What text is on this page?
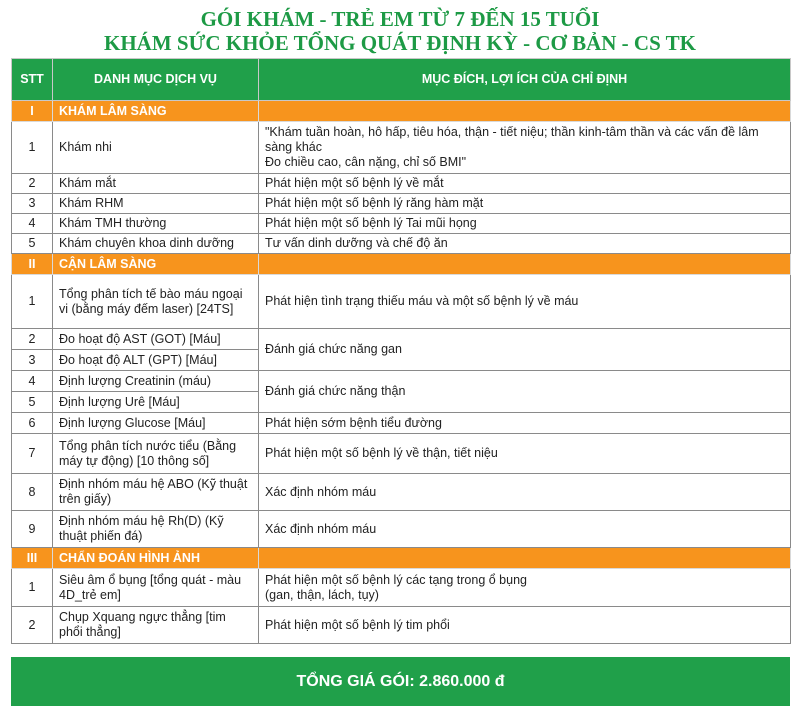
GÓI KHÁM - TRẺ EM TỪ 7 ĐẾN 15 TUỔI
KHÁM SỨC KHỎE TỔNG QUÁT ĐỊNH KỲ - CƠ BẢN - CS TK
STT	DANH MỤC DỊCH VỤ	MỤC ĐÍCH, LỢI ÍCH CỦA CHỈ ĐỊNH
I	KHÁM LÂM SÀNG	
1	Khám nhi	"Khám tuần hoàn, hô hấp, tiêu hóa, thận - tiết niệu; thần kinh-tâm thần và các vấn đề lâm sàng khác
Đo chiều cao, cân nặng, chỉ số BMI"
2	Khám mắt	Phát hiện một số bệnh lý về mắt
3	Khám RHM	Phát hiện một số bệnh lý răng hàm mặt
4	Khám TMH thường	Phát hiện một số bệnh lý Tai mũi họng
5	Khám chuyên khoa dinh dưỡng	Tư vấn dinh dưỡng và chế độ ăn
II	CẬN LÂM SÀNG	
1	Tổng phân tích tế bào máu ngoại vi (bằng máy đếm laser) [24TS]	Phát hiện tình trạng thiếu máu và một số bệnh lý về máu
2	Đo hoạt độ AST (GOT) [Máu]	Đánh giá chức năng gan
3	Đo hoạt độ ALT (GPT) [Máu]	
4	Định lượng Creatinin (máu)	Đánh giá chức năng thận
5	Định lượng Urê [Máu]	
6	Định lượng Glucose [Máu]	Phát hiện sớm bệnh tiểu đường
7	Tổng phân tích nước tiểu (Bằng máy tự động) [10 thông số]	Phát hiện một số bệnh lý về thận, tiết niệu
8	Định nhóm máu hệ ABO (Kỹ thuật trên giấy)	Xác định nhóm máu
9	Định nhóm máu hệ Rh(D) (Kỹ thuật phiến đá)	Xác định nhóm máu
III	CHẨN ĐOÁN HÌNH ẢNH	
1	Siêu âm ổ bụng [tổng quát - màu 4D_trẻ em]	Phát hiện một số bệnh lý các tạng trong ổ bụng
(gan, thận, lách, tụy)
2	Chụp Xquang ngực thẳng [tim phổi thẳng]	Phát hiện một số bệnh lý tim phổi
TỔNG GIÁ GÓI: 2.860.000 đ
